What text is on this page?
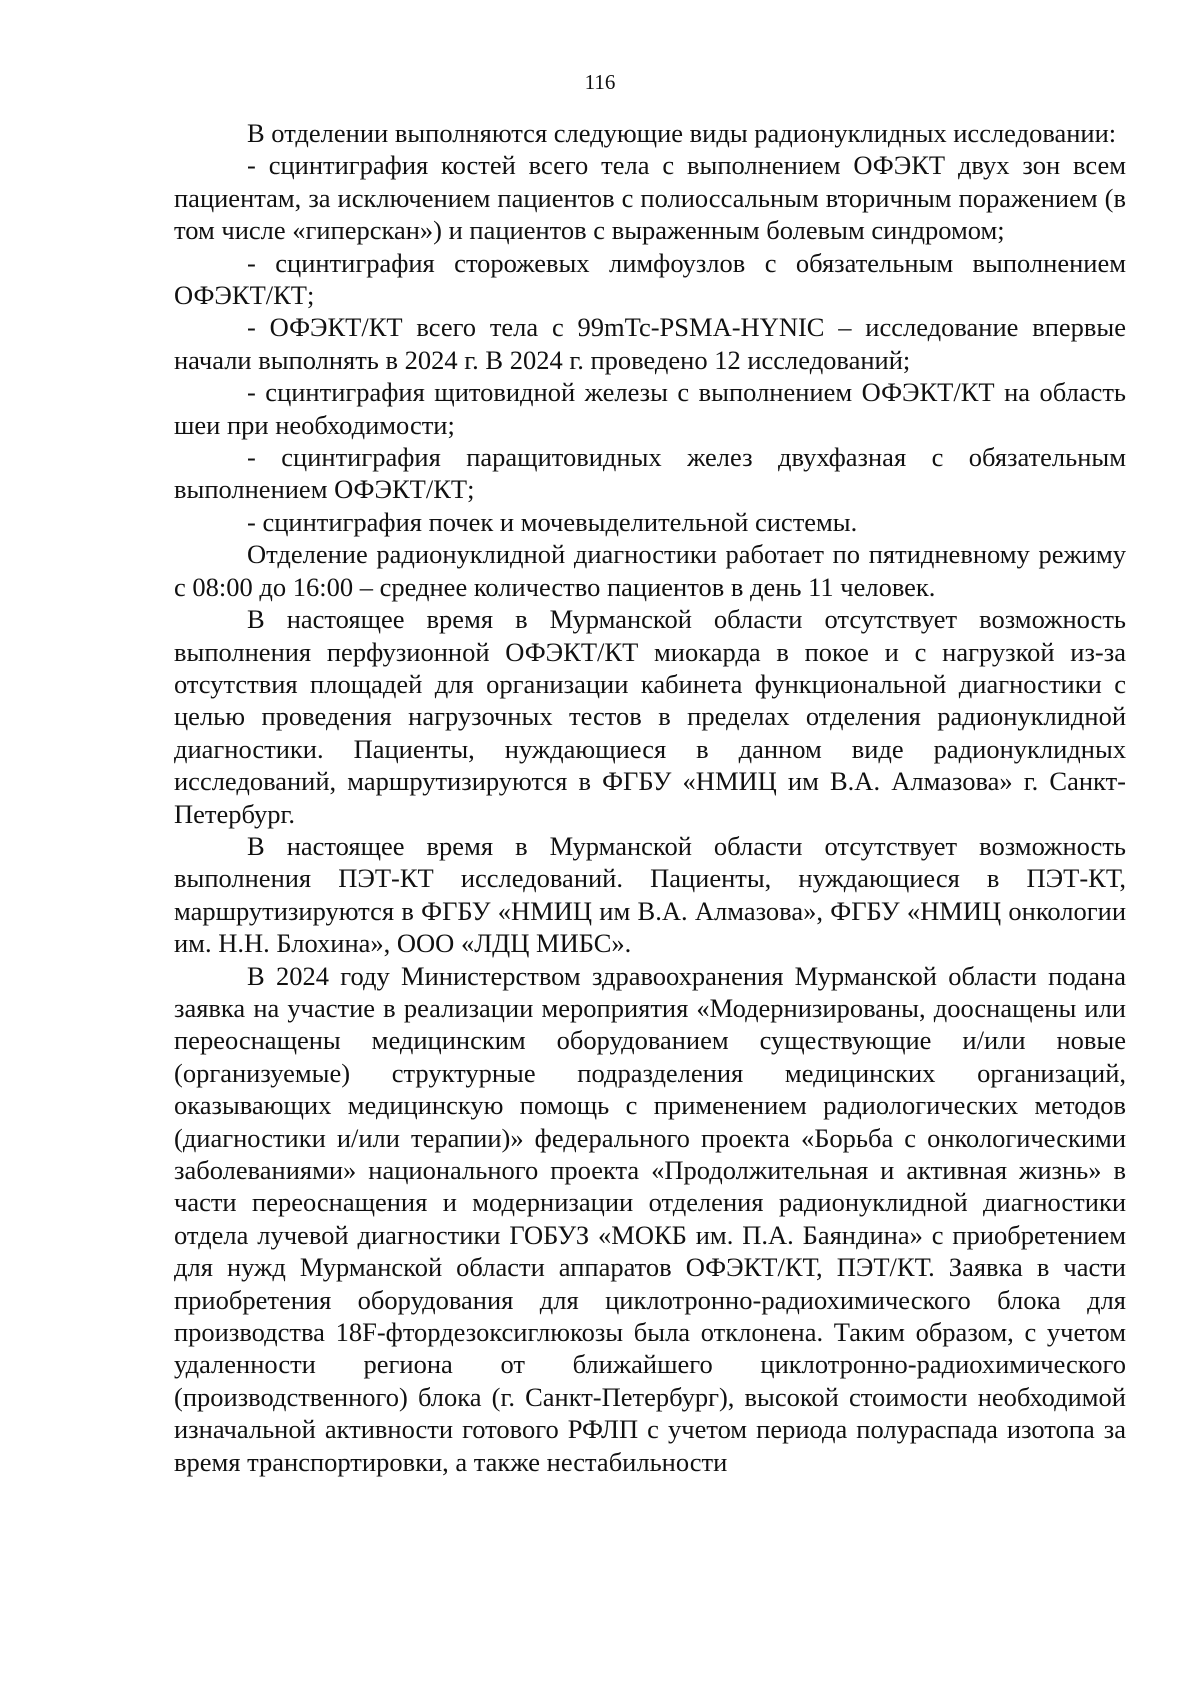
116

В отделении выполняются следующие виды радионуклидных исследовании:

- сцинтиграфия костей всего тела с выполнением ОФЭКТ двух зон всем пациентам, за исключением пациентов с полиоссальным вторичным поражением (в том числе «гиперскан») и пациентов с выраженным болевым синдромом;

- сцинтиграфия сторожевых лимфоузлов с обязательным выполнением ОФЭКТ/КТ;

- ОФЭКТ/КТ всего тела с 99mTc-PSMA-HYNIC – исследование впервые начали выполнять в 2024 г. В 2024 г. проведено 12 исследований;

- сцинтиграфия щитовидной железы с выполнением ОФЭКТ/КТ на область шеи при необходимости;

- сцинтиграфия паращитовидных желез двухфазная с обязательным выполнением ОФЭКТ/КТ;

- сцинтиграфия почек и мочевыделительной системы.

Отделение радионуклидной диагностики работает по пятидневному режиму с 08:00 до 16:00 – среднее количество пациентов в день 11 человек.

В настоящее время в Мурманской области отсутствует возможность выполнения перфузионной ОФЭКТ/КТ миокарда в покое и с нагрузкой из-за отсутствия площадей для организации кабинета функциональной диагностики с целью проведения нагрузочных тестов в пределах отделения радионуклидной диагностики. Пациенты, нуждающиеся в данном виде радионуклидных исследований, маршрутизируются в ФГБУ «НМИЦ им В.А. Алмазова» г. Санкт-Петербург.

В настоящее время в Мурманской области отсутствует возможность выполнения ПЭТ-КТ исследований. Пациенты, нуждающиеся в ПЭТ-КТ, маршрутизируются в ФГБУ «НМИЦ им В.А. Алмазова», ФГБУ «НМИЦ онкологии им. Н.Н. Блохина», ООО «ЛДЦ МИБС».

В 2024 году Министерством здравоохранения Мурманской области подана заявка на участие в реализации мероприятия «Модернизированы, дооснащены или переоснащены медицинским оборудованием существующие и/или новые (организуемые) структурные подразделения медицинских организаций, оказывающих медицинскую помощь с применением радиологических методов (диагностики и/или терапии)» федерального проекта «Борьба с онкологическими заболеваниями» национального проекта «Продолжительная и активная жизнь» в части переоснащения и модернизации отделения радионуклидной диагностики отдела лучевой диагностики ГОБУЗ «МОКБ им. П.А. Баяндина» с приобретением для нужд Мурманской области аппаратов ОФЭКТ/КТ, ПЭТ/КТ. Заявка в части приобретения оборудования для циклотронно-радиохимического блока для производства 18F-фтордезоксиглюкозы была отклонена. Таким образом, с учетом удаленности региона от ближайшего циклотронно-радиохимического (производственного) блока (г. Санкт-Петербург), высокой стоимости необходимой изначальной активности готового РФЛП с учетом периода полураспада изотопа за время транспортировки, а также нестабильности
